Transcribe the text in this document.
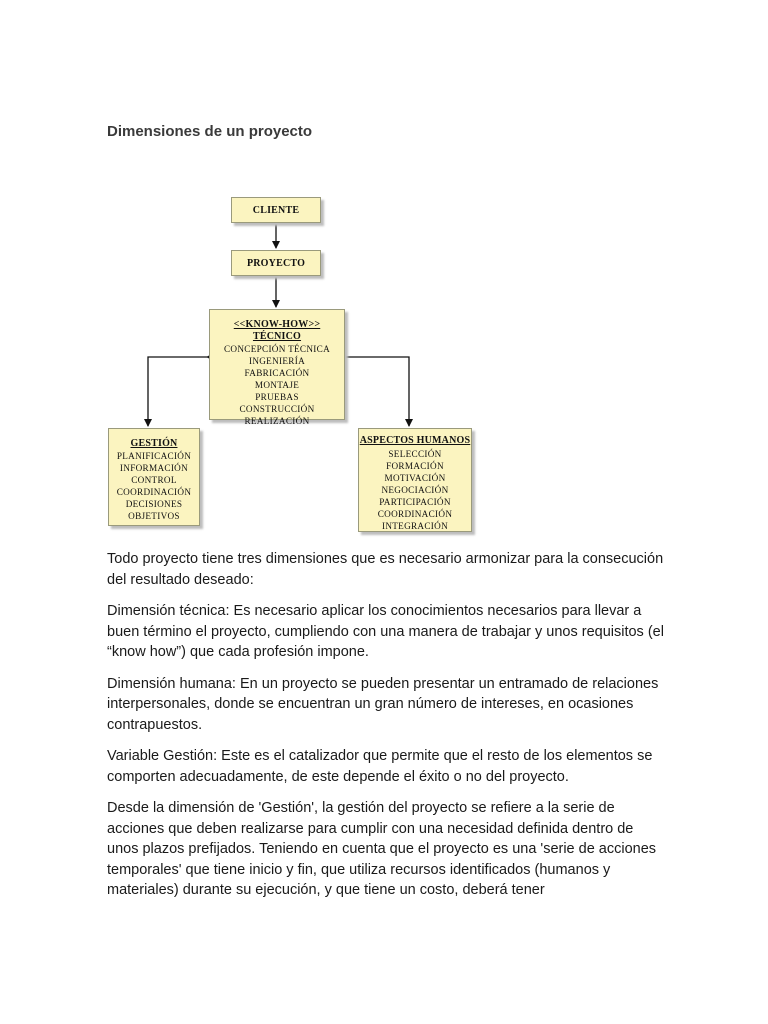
Dimensiones de un proyecto
CLIENTE
PROYECTO
<<KNOW-HOW>> TÉCNICO
CONCEPCIÓN TÉCNICA
INGENIERÍA
FABRICACIÓN
MONTAJE
PRUEBAS
CONSTRUCCIÓN
REALIZACIÓN
GESTIÓN
PLANIFICACIÓN
INFORMACIÓN
CONTROL
COORDINACIÓN
DECISIONES
OBJETIVOS
ASPECTOS HUMANOS
SELECCIÓN
FORMACIÓN
MOTIVACIÓN
NEGOCIACIÓN
PARTICIPACIÓN
COORDINACIÓN
INTEGRACIÓN

Todo proyecto tiene tres dimensiones que es necesario armonizar para la consecución del resultado deseado:

Dimensión técnica: Es necesario aplicar los conocimientos necesarios para llevar a buen término el proyecto, cumpliendo con una manera de trabajar y unos requisitos (el “know how”) que cada profesión impone.

Dimensión humana: En un proyecto se pueden presentar un entramado de relaciones interpersonales, donde se encuentran un gran número de intereses, en ocasiones contrapuestos.

Variable Gestión: Este es el catalizador que permite que el resto de los elementos se comporten adecuadamente, de este depende el éxito o no del proyecto.

Desde la dimensión de 'Gestión', la gestión del proyecto se refiere a la serie de acciones que deben realizarse para cumplir con una necesidad definida dentro de unos plazos prefijados. Teniendo en cuenta que el proyecto es una 'serie de acciones temporales' que tiene inicio y fin, que utiliza recursos identificados (humanos y materiales) durante su ejecución, y que tiene un costo, deberá tener
